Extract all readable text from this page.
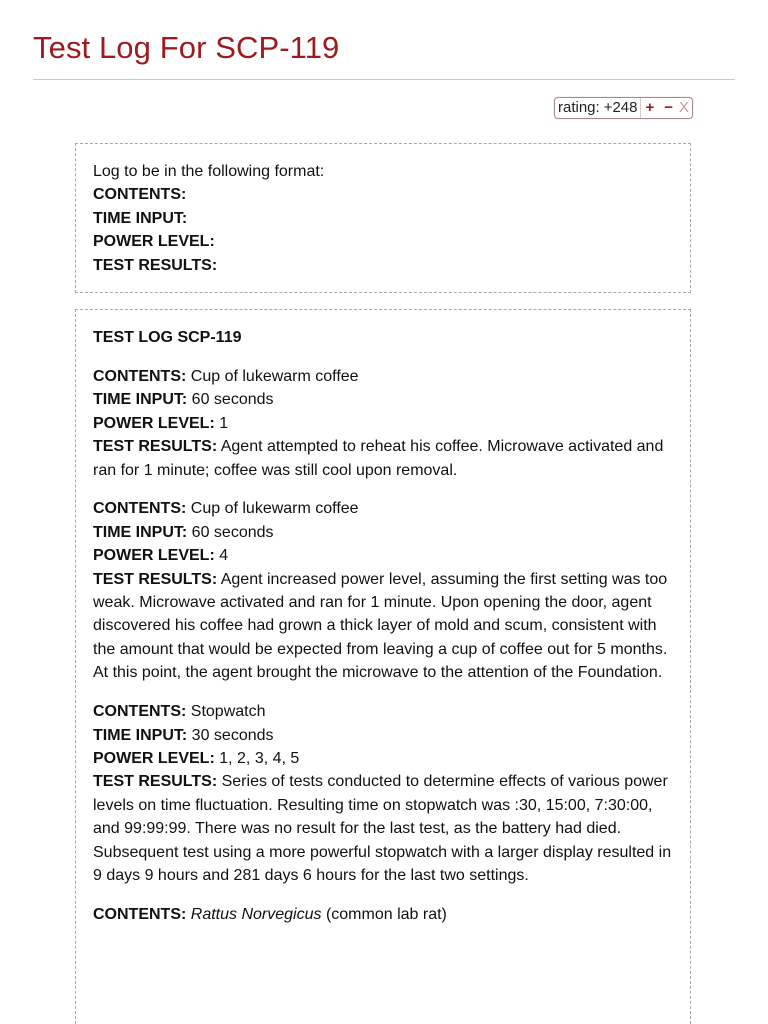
Test Log For SCP-119
rating: +248 + − X
Log to be in the following format:
CONTENTS:
TIME INPUT:
POWER LEVEL:
TEST RESULTS:
TEST LOG SCP-119
CONTENTS: Cup of lukewarm coffee
TIME INPUT: 60 seconds
POWER LEVEL: 1
TEST RESULTS: Agent attempted to reheat his coffee. Microwave activated and ran for 1 minute; coffee was still cool upon removal.
CONTENTS: Cup of lukewarm coffee
TIME INPUT: 60 seconds
POWER LEVEL: 4
TEST RESULTS: Agent increased power level, assuming the first setting was too weak. Microwave activated and ran for 1 minute. Upon opening the door, agent discovered his coffee had grown a thick layer of mold and scum, consistent with the amount that would be expected from leaving a cup of coffee out for 5 months. At this point, the agent brought the microwave to the attention of the Foundation.
CONTENTS: Stopwatch
TIME INPUT: 30 seconds
POWER LEVEL: 1, 2, 3, 4, 5
TEST RESULTS: Series of tests conducted to determine effects of various power levels on time fluctuation. Resulting time on stopwatch was :30, 15:00, 7:30:00, and 99:99:99. There was no result for the last test, as the battery had died. Subsequent test using a more powerful stopwatch with a larger display resulted in 9 days 9 hours and 281 days 6 hours for the last two settings.
CONTENTS: Rattus Norvegicus (common lab rat)
